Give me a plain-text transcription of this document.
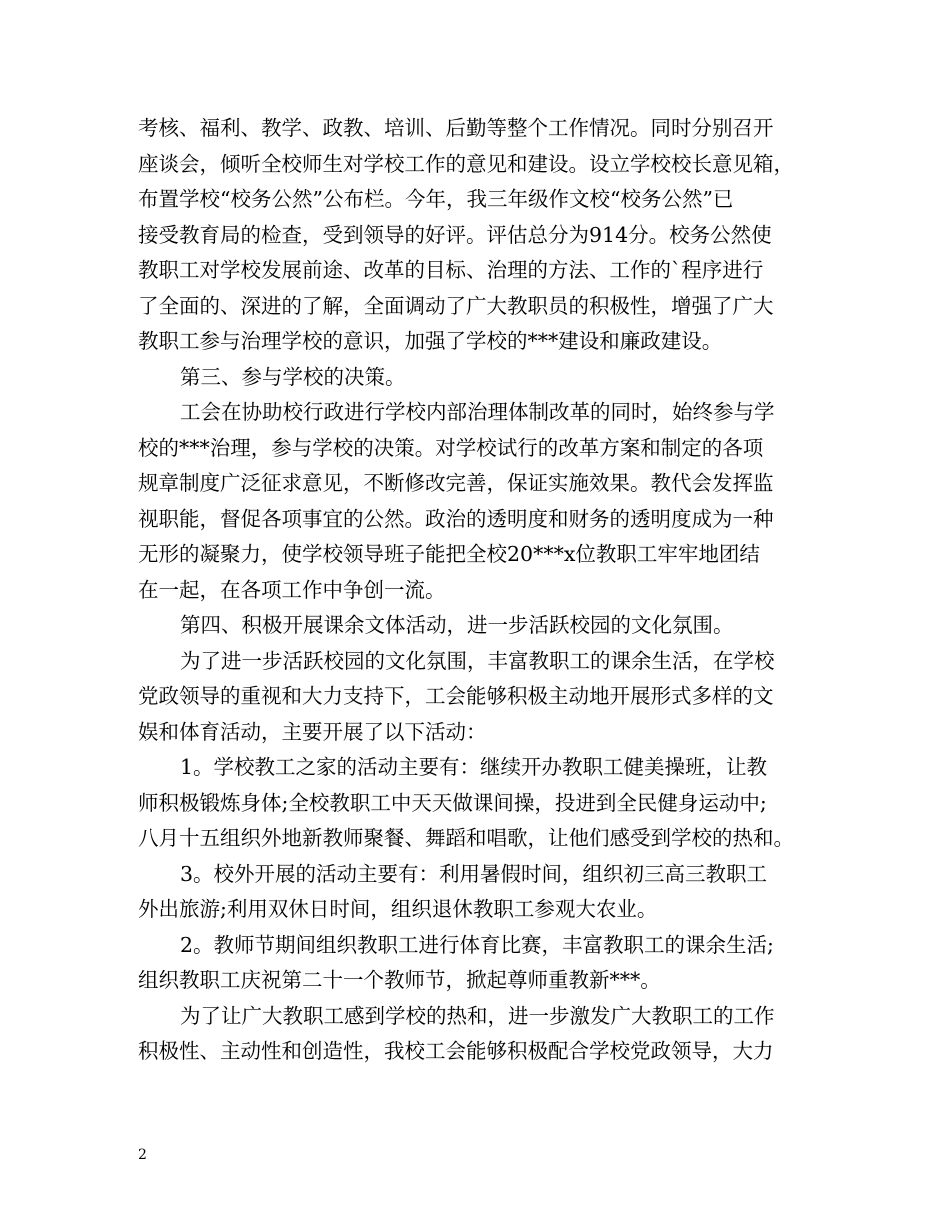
考核、福利、教学、政教、培训、后勤等整个工作情况。同时分别召开
座谈会，倾听全校师生对学校工作的意见和建设。设立学校校长意见箱，
布置学校“校务公然”公布栏。今年，我三年级作文校“校务公然”已
接受教育局的检查，受到领导的好评。评估总分为914分。校务公然使
教职工对学校发展前途、改革的目标、治理的方法、工作的`程序进行
了全面的、深进的了解，全面调动了广大教职员的积极性，增强了广大
教职工参与治理学校的意识，加强了学校的***建设和廉政建设。
第三、参与学校的决策。
工会在协助校行政进行学校内部治理体制改革的同时，始终参与学
校的***治理，参与学校的决策。对学校试行的改革方案和制定的各项
规章制度广泛征求意见，不断修改完善，保证实施效果。教代会发挥监
视职能，督促各项事宜的公然。政治的透明度和财务的透明度成为一种
无形的凝聚力，使学校领导班子能把全校20***x位教职工牢牢地团结
在一起，在各项工作中争创一流。
第四、积极开展课余文体活动，进一步活跃校园的文化氛围。
为了进一步活跃校园的文化氛围，丰富教职工的课余生活，在学校
党政领导的重视和大力支持下，工会能够积极主动地开展形式多样的文
娱和体育活动，主要开展了以下活动：
1。学校教工之家的活动主要有：继续开办教职工健美操班，让教
师积极锻炼身体;全校教职工中天天做课间操，投进到全民健身运动中;
八月十五组织外地新教师聚餐、舞蹈和唱歌，让他们感受到学校的热和。
3。校外开展的活动主要有：利用暑假时间，组织初三高三教职工
外出旅游;利用双休日时间，组织退休教职工参观大农业。
2。教师节期间组织教职工进行体育比赛，丰富教职工的课余生活;
组织教职工庆祝第二十一个教师节，掀起尊师重教新***。
为了让广大教职工感到学校的热和，进一步激发广大教职工的工作
积极性、主动性和创造性，我校工会能够积极配合学校党政领导，大力
2
